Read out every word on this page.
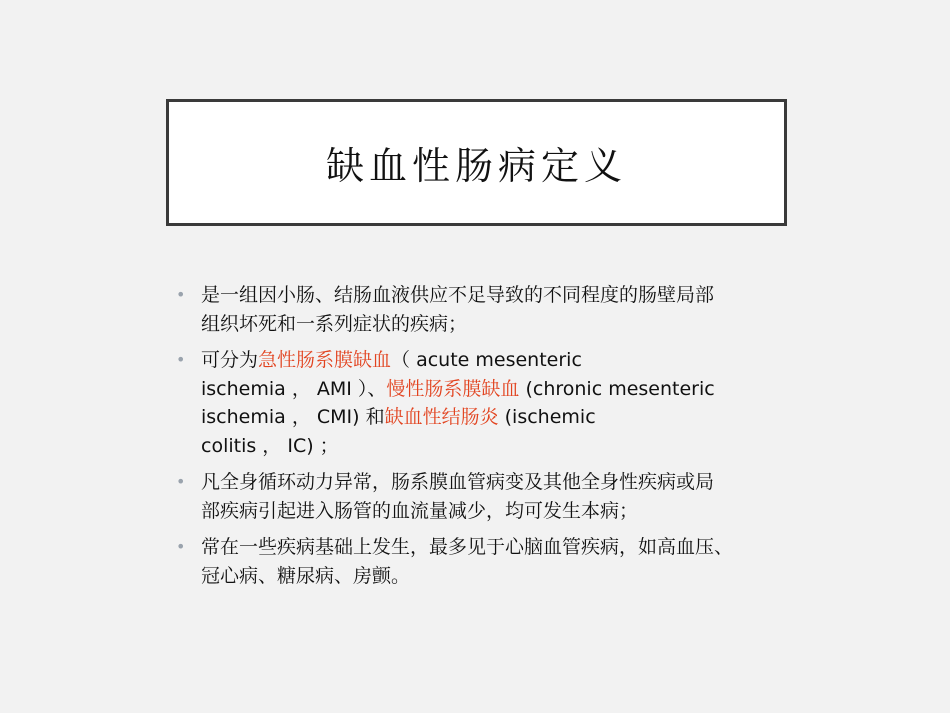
缺血性肠病定义
• 是一组因小肠、结肠血液供应不足导致的不同程度的肠壁局部
组织坏死和一系列症状的疾病；
• 可分为急性肠系膜缺血（ acute mesenteric
ischemia ， AMI ）、慢性肠系膜缺血 (chronic mesenteric
ischemia ， CMI) 和缺血性结肠炎 (ischemic
colitis ， IC) ；
• 凡全身循环动力异常，肠系膜血管病变及其他全身性疾病或局
部疾病引起进入肠管的血流量减少，均可发生本病；
• 常在一些疾病基础上发生，最多见于心脑血管疾病，如高血压、
冠心病、糖尿病、房颤。
